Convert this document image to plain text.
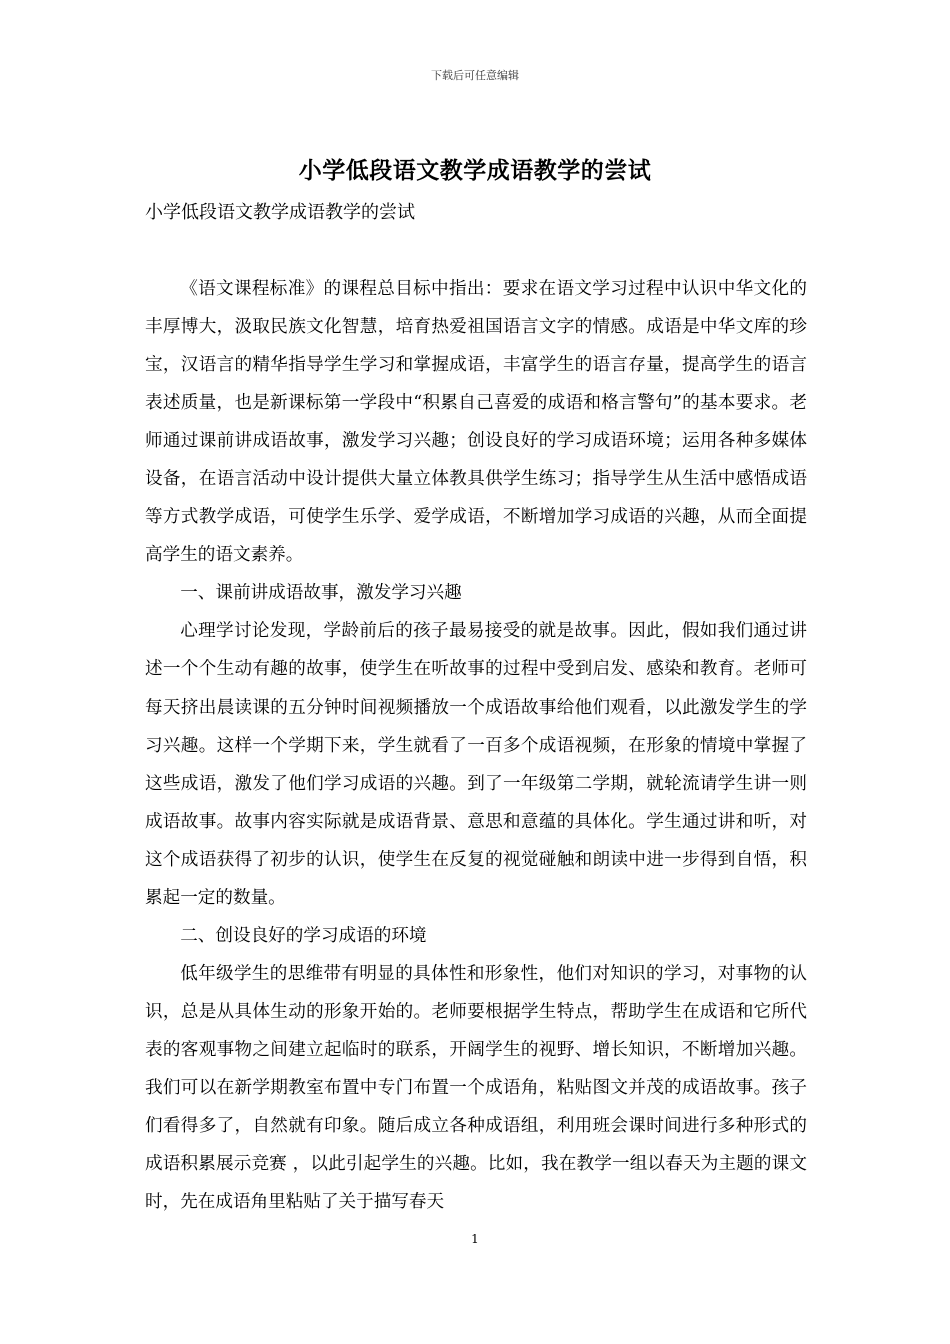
下载后可任意编辑
小学低段语文教学成语教学的尝试
小学低段语文教学成语教学的尝试

《语文课程标准》的课程总目标中指出：要求在语文学习过程中认识中华文化的丰厚博大，汲取民族文化智慧，培育热爱祖国语言文字的情感。成语是中华文库的珍宝，汉语言的精华指导学生学习和掌握成语，丰富学生的语言存量，提高学生的语言表述质量，也是新课标第一学段中“积累自己喜爱的成语和格言警句”的基本要求。老师通过课前讲成语故事，激发学习兴趣；创设良好的学习成语环境；运用各种多媒体设备，在语言活动中设计提供大量立体教具供学生练习；指导学生从生活中感悟成语等方式教学成语，可使学生乐学、爱学成语，不断增加学习成语的兴趣，从而全面提高学生的语文素养。

一、课前讲成语故事，激发学习兴趣

心理学讨论发现，学龄前后的孩子最易接受的就是故事。因此，假如我们通过讲述一个个生动有趣的故事，使学生在听故事的过程中受到启发、感染和教育。老师可每天挤出晨读课的五分钟时间视频播放一个成语故事给他们观看，以此激发学生的学习兴趣。这样一个学期下来，学生就看了一百多个成语视频，在形象的情境中掌握了这些成语，激发了他们学习成语的兴趣。到了一年级第二学期，就轮流请学生讲一则成语故事。故事内容实际就是成语背景、意思和意蕴的具体化。学生通过讲和听，对这个成语获得了初步的认识，使学生在反复的视觉碰触和朗读中进一步得到自悟，积累起一定的数量。

二、创设良好的学习成语的环境

低年级学生的思维带有明显的具体性和形象性，他们对知识的学习，对事物的认识，总是从具体生动的形象开始的。老师要根据学生特点，帮助学生在成语和它所代表的客观事物之间建立起临时的联系，开阔学生的视野、增长知识，不断增加兴趣。我们可以在新学期教室布置中专门布置一个成语角，粘贴图文并茂的成语故事。孩子们看得多了，自然就有印象。随后成立各种成语组，利用班会课时间进行多种形式的成语积累展示竞赛 ，以此引起学生的兴趣。比如，我在教学一组以春天为主题的课文时，先在成语角里粘贴了关于描写春天

1
